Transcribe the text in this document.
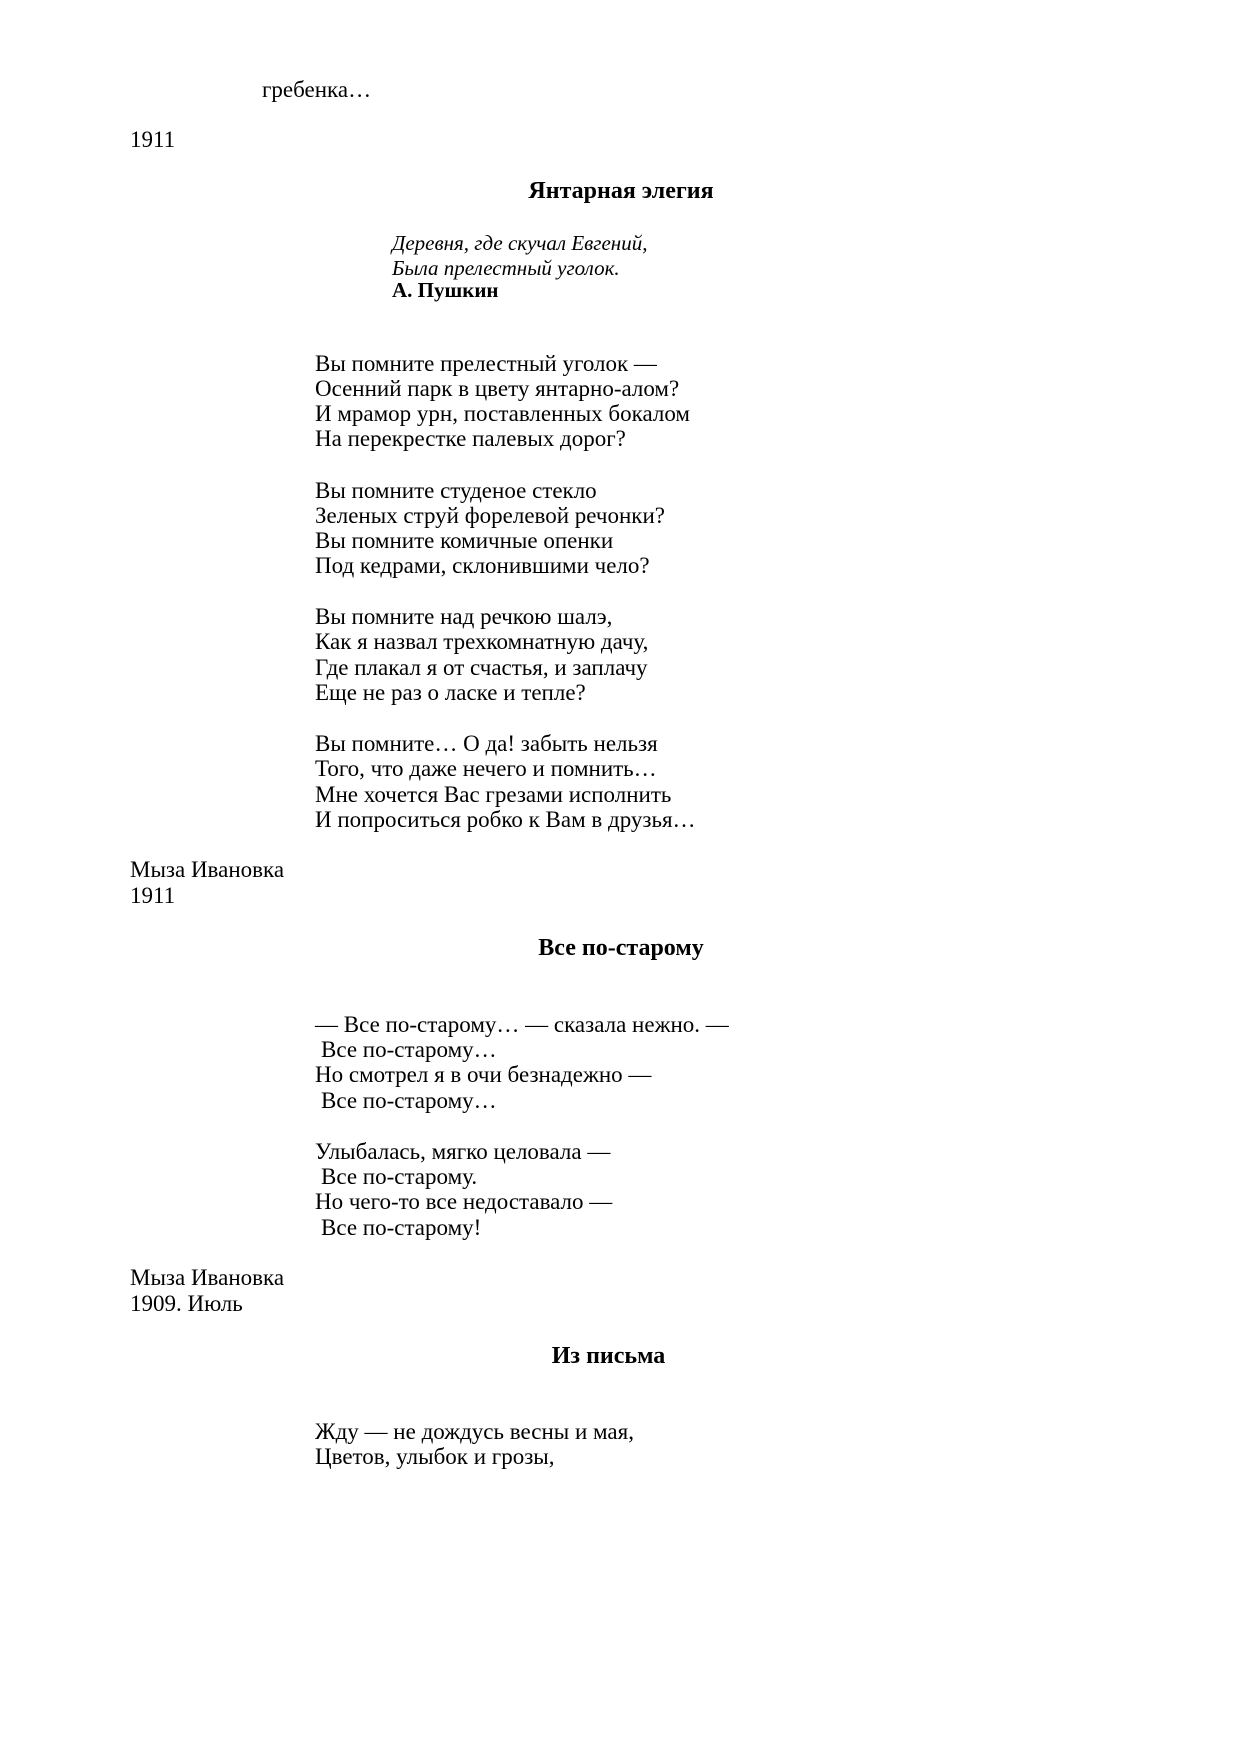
гребенка…
1911
Янтарная элегия
Деревня, где скучал Евгений,
Была прелестный уголок.
А. Пушкин
Вы помните прелестный уголок —
Осенний парк в цвету янтарно-алом?
И мрамор урн, поставленных бокалом
На перекрестке палевых дорог?
Вы помните студеное стекло
Зеленых струй форелевой речонки?
Вы помните комичные опенки
Под кедрами, склонившими чело?
Вы помните над речкою шалэ,
Как я назвал трехкомнатную дачу,
Где плакал я от счастья, и заплачу
Еще не раз о ласке и тепле?
Вы помните… О да! забыть нельзя
Того, что даже нечего и помнить…
Мне хочется Вас грезами исполнить
И попроситься робко к Вам в друзья…
Мыза Ивановка
1911
Все по-старому
— Все по-старому… — сказала нежно. —
Все по-старому…
Но смотрел я в очи безнадежно —
Все по-старому…
Улыбалась, мягко целовала —
Все по-старому.
Но чего-то все недоставало —
Все по-старому!
Мыза Ивановка
1909. Июль
Из письма
Жду — не дождусь весны и мая,
Цветов, улыбок и грозы,
